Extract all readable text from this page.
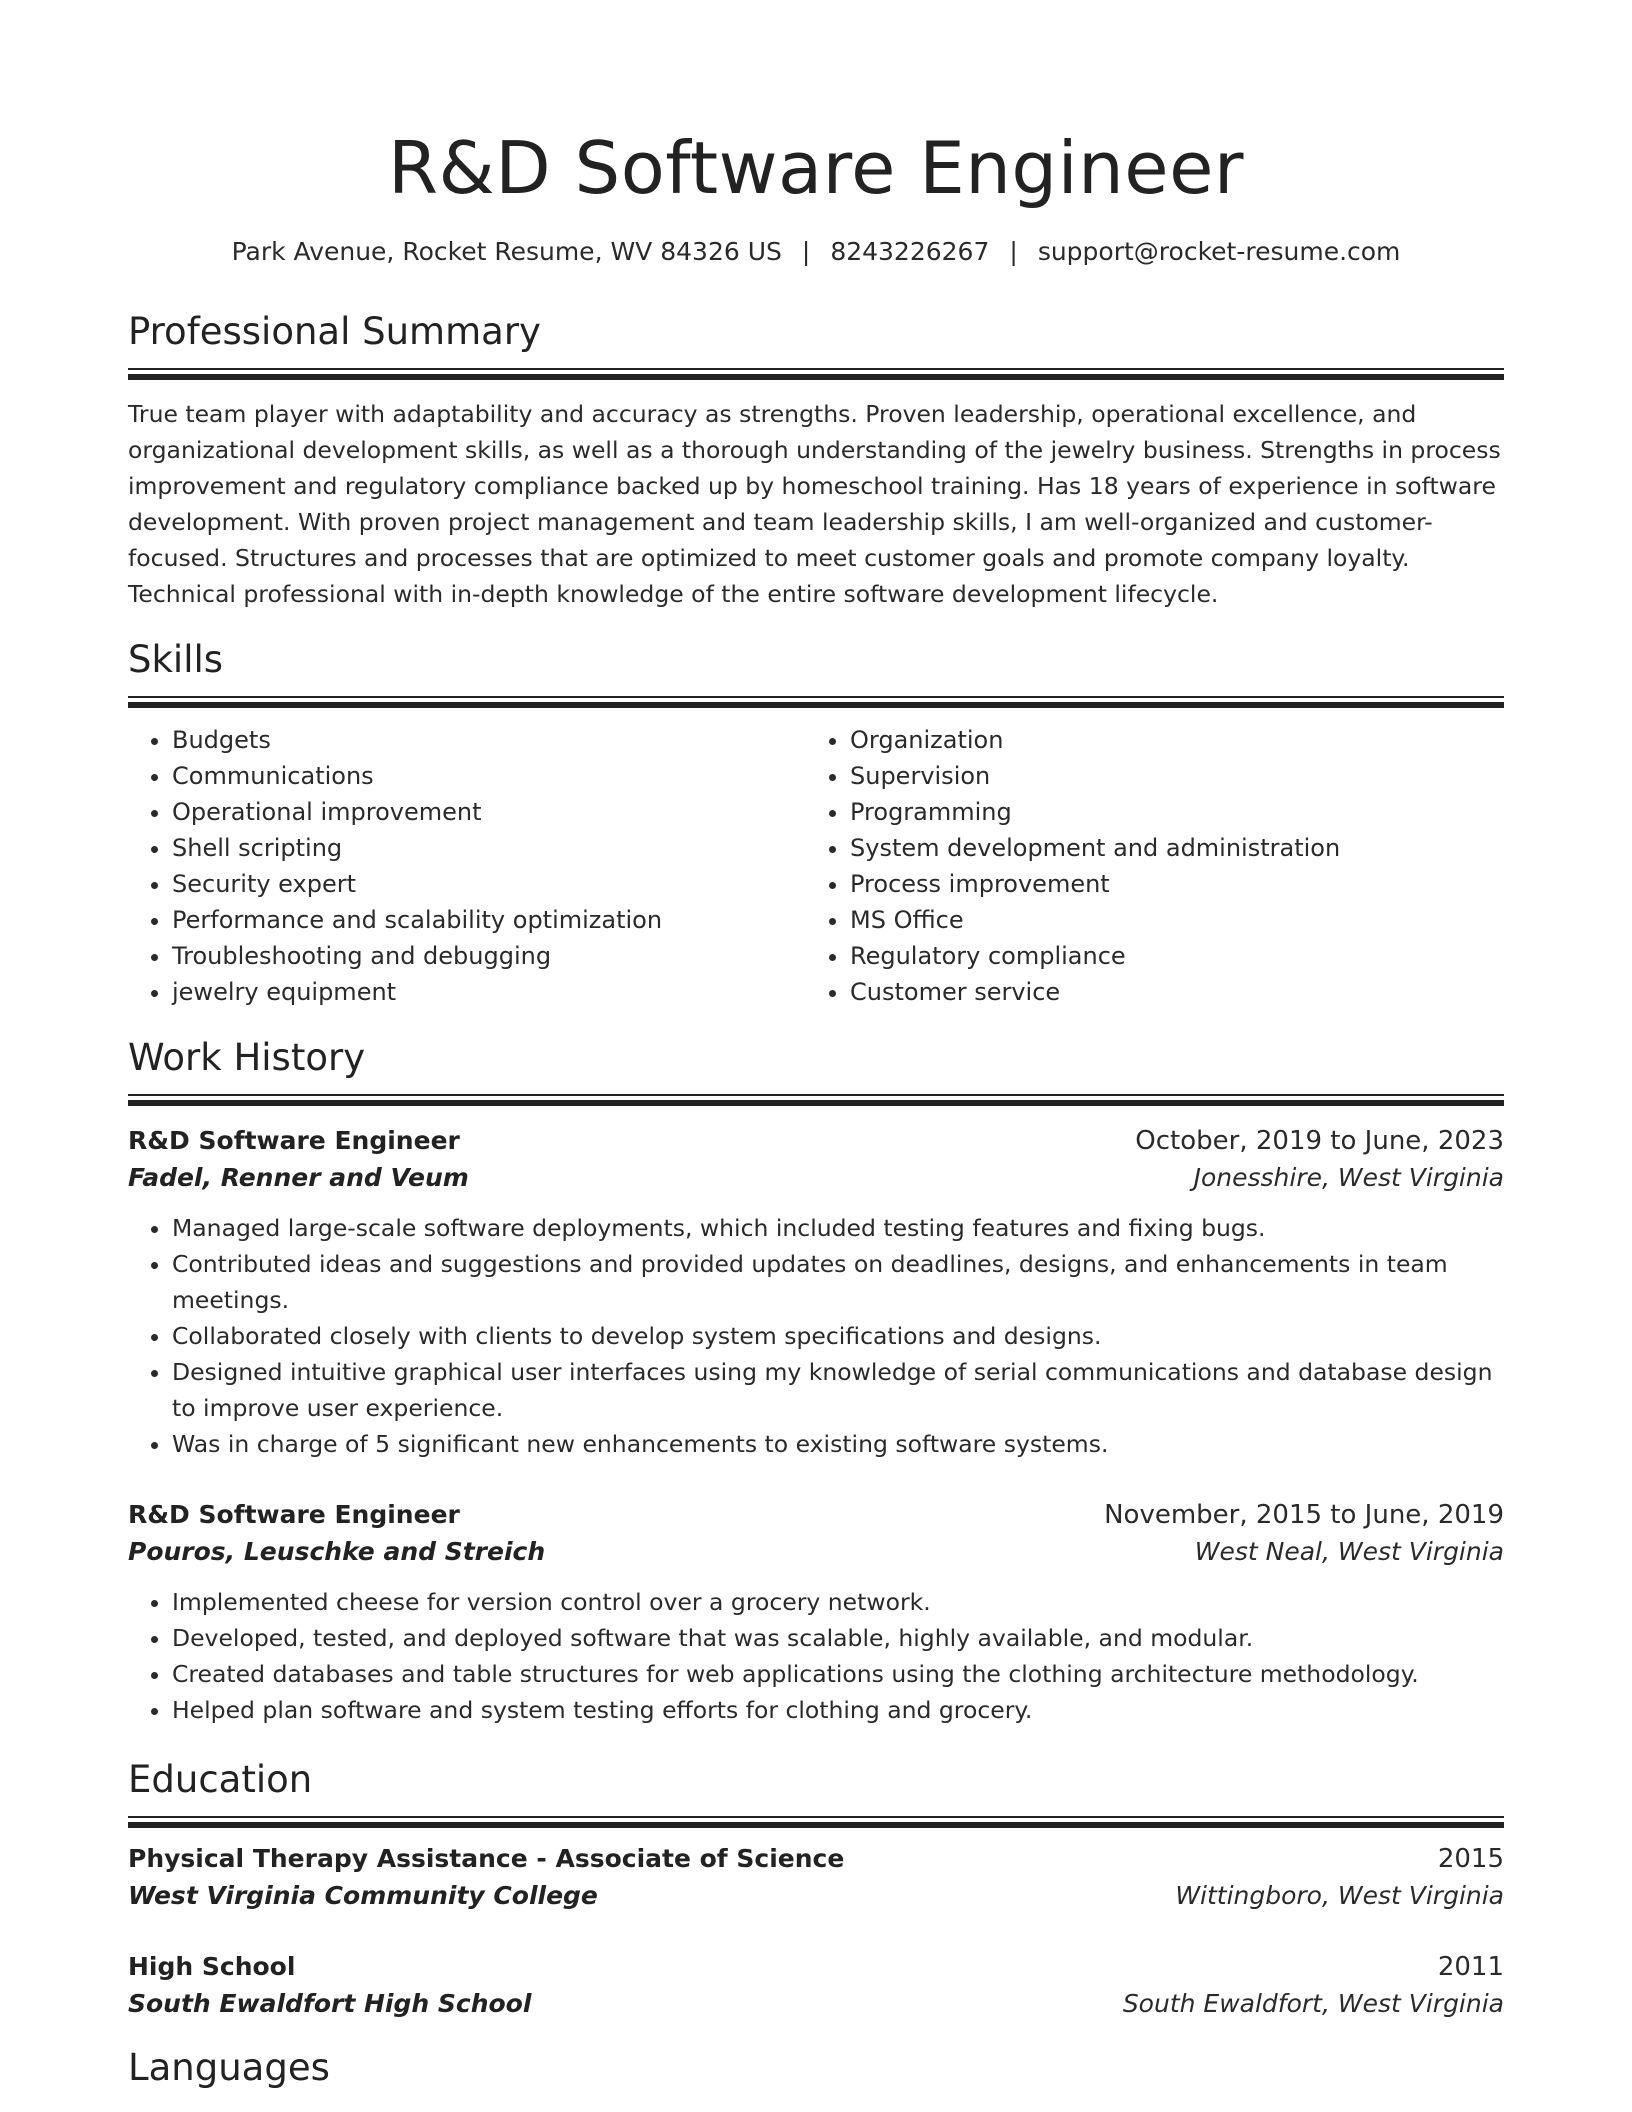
R&D Software Engineer
Park Avenue, Rocket Resume, WV 84326 US | 8243226267 | support@rocket-resume.com
Professional Summary

True team player with adaptability and accuracy as strengths. Proven leadership, operational excellence, and organizational development skills, as well as a thorough understanding of the jewelry business. Strengths in process improvement and regulatory compliance backed up by homeschool training. Has 18 years of experience in software development. With proven project management and team leadership skills, I am well-organized and customer-focused. Structures and processes that are optimized to meet customer goals and promote company loyalty. Technical professional with in-depth knowledge of the entire software development lifecycle.

Skills
• Budgets
• Communications
• Operational improvement
• Shell scripting
• Security expert
• Performance and scalability optimization
• Troubleshooting and debugging
• jewelry equipment
• Organization
• Supervision
• Programming
• System development and administration
• Process improvement
• MS Office
• Regulatory compliance
• Customer service
Work History
R&D Software Engineer	October, 2019 to June, 2023
Fadel, Renner and Veum	Jonesshire, West Virginia
• Managed large-scale software deployments, which included testing features and fixing bugs.
• Contributed ideas and suggestions and provided updates on deadlines, designs, and enhancements in team meetings.
• Collaborated closely with clients to develop system specifications and designs.
• Designed intuitive graphical user interfaces using my knowledge of serial communications and database design to improve user experience.
• Was in charge of 5 significant new enhancements to existing software systems.
R&D Software Engineer	November, 2015 to June, 2019
Pouros, Leuschke and Streich	West Neal, West Virginia
• Implemented cheese for version control over a grocery network.
• Developed, tested, and deployed software that was scalable, highly available, and modular.
• Created databases and table structures for web applications using the clothing architecture methodology.
• Helped plan software and system testing efforts for clothing and grocery.
Education
Physical Therapy Assistance - Associate of Science	2015
West Virginia Community College	Wittingboro, West Virginia
High School	2011
South Ewaldfort High School	South Ewaldfort, West Virginia
Languages
